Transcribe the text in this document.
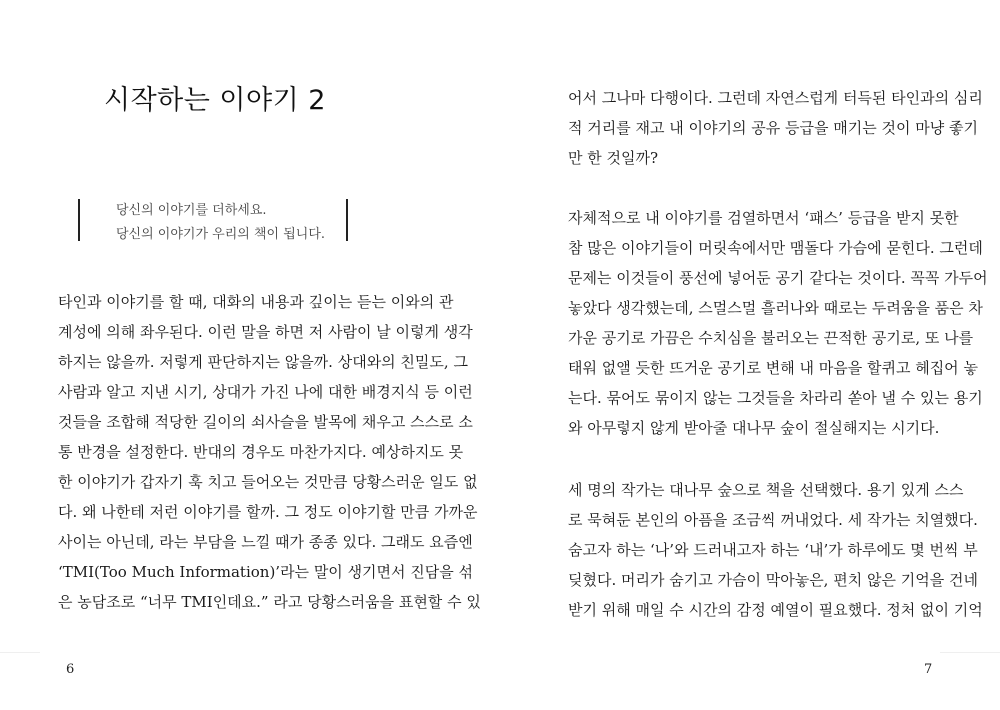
시작하는 이야기 2
당신의 이야기를 더하세요.
당신의 이야기가 우리의 책이 됩니다.
타인과 이야기를 할 때, 대화의 내용과 깊이는 듣는 이와의 관
계성에 의해 좌우된다. 이런 말을 하면 저 사람이 날 이렇게 생각
하지는 않을까. 저렇게 판단하지는 않을까. 상대와의 친밀도, 그
사람과 알고 지낸 시기, 상대가 가진 나에 대한 배경지식 등 이런
것들을 조합해 적당한 길이의 쇠사슬을 발목에 채우고 스스로 소
통 반경을 설정한다. 반대의 경우도 마찬가지다. 예상하지도 못
한 이야기가 갑자기 훅 치고 들어오는 것만큼 당황스러운 일도 없
다. 왜 나한테 저런 이야기를 할까. 그 정도 이야기할 만큼 가까운
사이는 아닌데, 라는 부담을 느낄 때가 종종 있다. 그래도 요즘엔
‘TMI(Too Much Information)’라는 말이 생기면서 진담을 섞
은 농담조로 “너무 TMI인데요.” 라고 당황스러움을 표현할 수 있
6
어서 그나마 다행이다. 그런데 자연스럽게 터득된 타인과의 심리
적 거리를 재고 내 이야기의 공유 등급을 매기는 것이 마냥 좋기
만 한 것일까?
자체적으로 내 이야기를 검열하면서 ‘패스’ 등급을 받지 못한
참 많은 이야기들이 머릿속에서만 맴돌다 가슴에 묻힌다. 그런데
문제는 이것들이 풍선에 넣어둔 공기 같다는 것이다. 꼭꼭 가두어
놓았다 생각했는데, 스멀스멀 흘러나와 때로는 두려움을 품은 차
가운 공기로 가끔은 수치심을 불러오는 끈적한 공기로, 또 나를
태워 없앨 듯한 뜨거운 공기로 변해 내 마음을 할퀴고 헤집어 놓
는다. 묶어도 묶이지 않는 그것들을 차라리 쏟아 낼 수 있는 용기
와 아무렇지 않게 받아줄 대나무 숲이 절실해지는 시기다.
세 명의 작가는 대나무 숲으로 책을 선택했다. 용기 있게 스스
로 묵혀둔 본인의 아픔을 조금씩 꺼내었다. 세 작가는 치열했다.
숨고자 하는 ‘나’와 드러내고자 하는 ‘내’가 하루에도 몇 번씩 부
딪혔다. 머리가 숨기고 가슴이 막아놓은, 편치 않은 기억을 건네
받기 위해 매일 수 시간의 감정 예열이 필요했다. 정처 없이 기억
7
